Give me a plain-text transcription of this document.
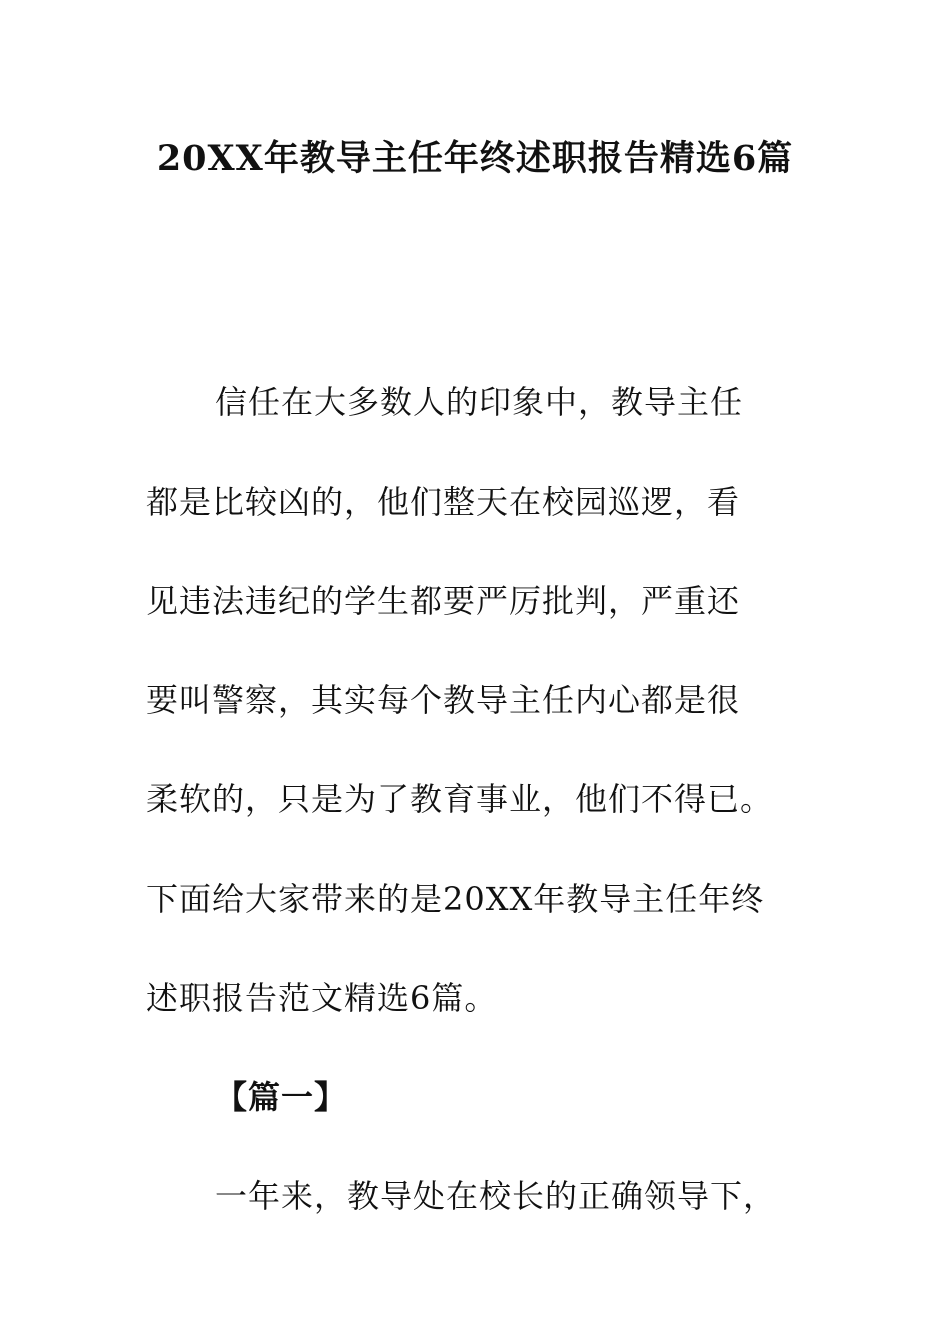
20XX年教导主任年终述职报告精选6篇
信任在大多数人的印象中，教导主任
都是比较凶的，他们整天在校园巡逻，看
见违法违纪的学生都要严厉批判，严重还
要叫警察，其实每个教导主任内心都是很
柔软的，只是为了教育事业，他们不得已。
下面给大家带来的是20XX年教导主任年终
述职报告范文精选6篇。
【篇一】
一年来，教导处在校长的正确领导下，
